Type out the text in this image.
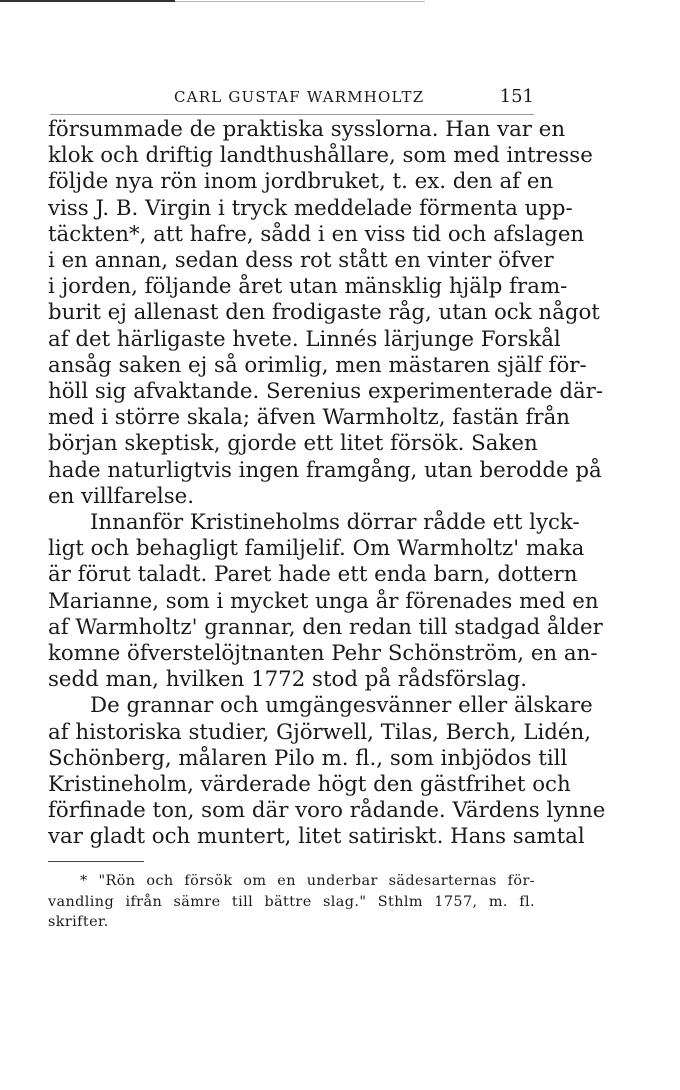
CARL GUSTAF WARMHOLTZ	151
försummade de praktiska sysslorna. Han var en
klok och driftig landthushållare, som med intresse
följde nya rön inom jordbruket, t. ex. den af en
viss J. B. Virgin i tryck meddelade förmenta upp-
täckten*, att hafre, sådd i en viss tid och afslagen
i en annan, sedan dess rot stått en vinter öfver
i jorden, följande året utan mänsklig hjälp fram-
burit ej allenast den frodigaste råg, utan ock något
af det härligaste hvete. Linnés lärjunge Forskål
ansåg saken ej så orimlig, men mästaren själf för-
höll sig afvaktande. Serenius experimenterade där-
med i större skala; äfven Warmholtz, fastän från
början skeptisk, gjorde ett litet försök. Saken
hade naturligtvis ingen framgång, utan berodde på
en villfarelse.
Innanför Kristineholms dörrar rådde ett lyck-
ligt och behagligt familjelif. Om Warmholtz' maka
är förut taladt. Paret hade ett enda barn, dottern
Marianne, som i mycket unga år förenades med en
af Warmholtz' grannar, den redan till stadgad ålder
komne öfverstelöjtnanten Pehr Schönström, en an-
sedd man, hvilken 1772 stod på rådsförslag.
De grannar och umgängesvänner eller älskare
af historiska studier, Gjörwell, Tilas, Berch, Lidén,
Schönberg, målaren Pilo m. fl., som inbjödos till
Kristineholm, värderade högt den gästfrihet och
förfinade ton, som där voro rådande. Värdens lynne
var gladt och muntert, litet satiriskt. Hans samtal
* "Rön och försök om en underbar sädesarternas för-
vandling ifrån sämre till bättre slag." Sthlm 1757, m. fl.
skrifter.
